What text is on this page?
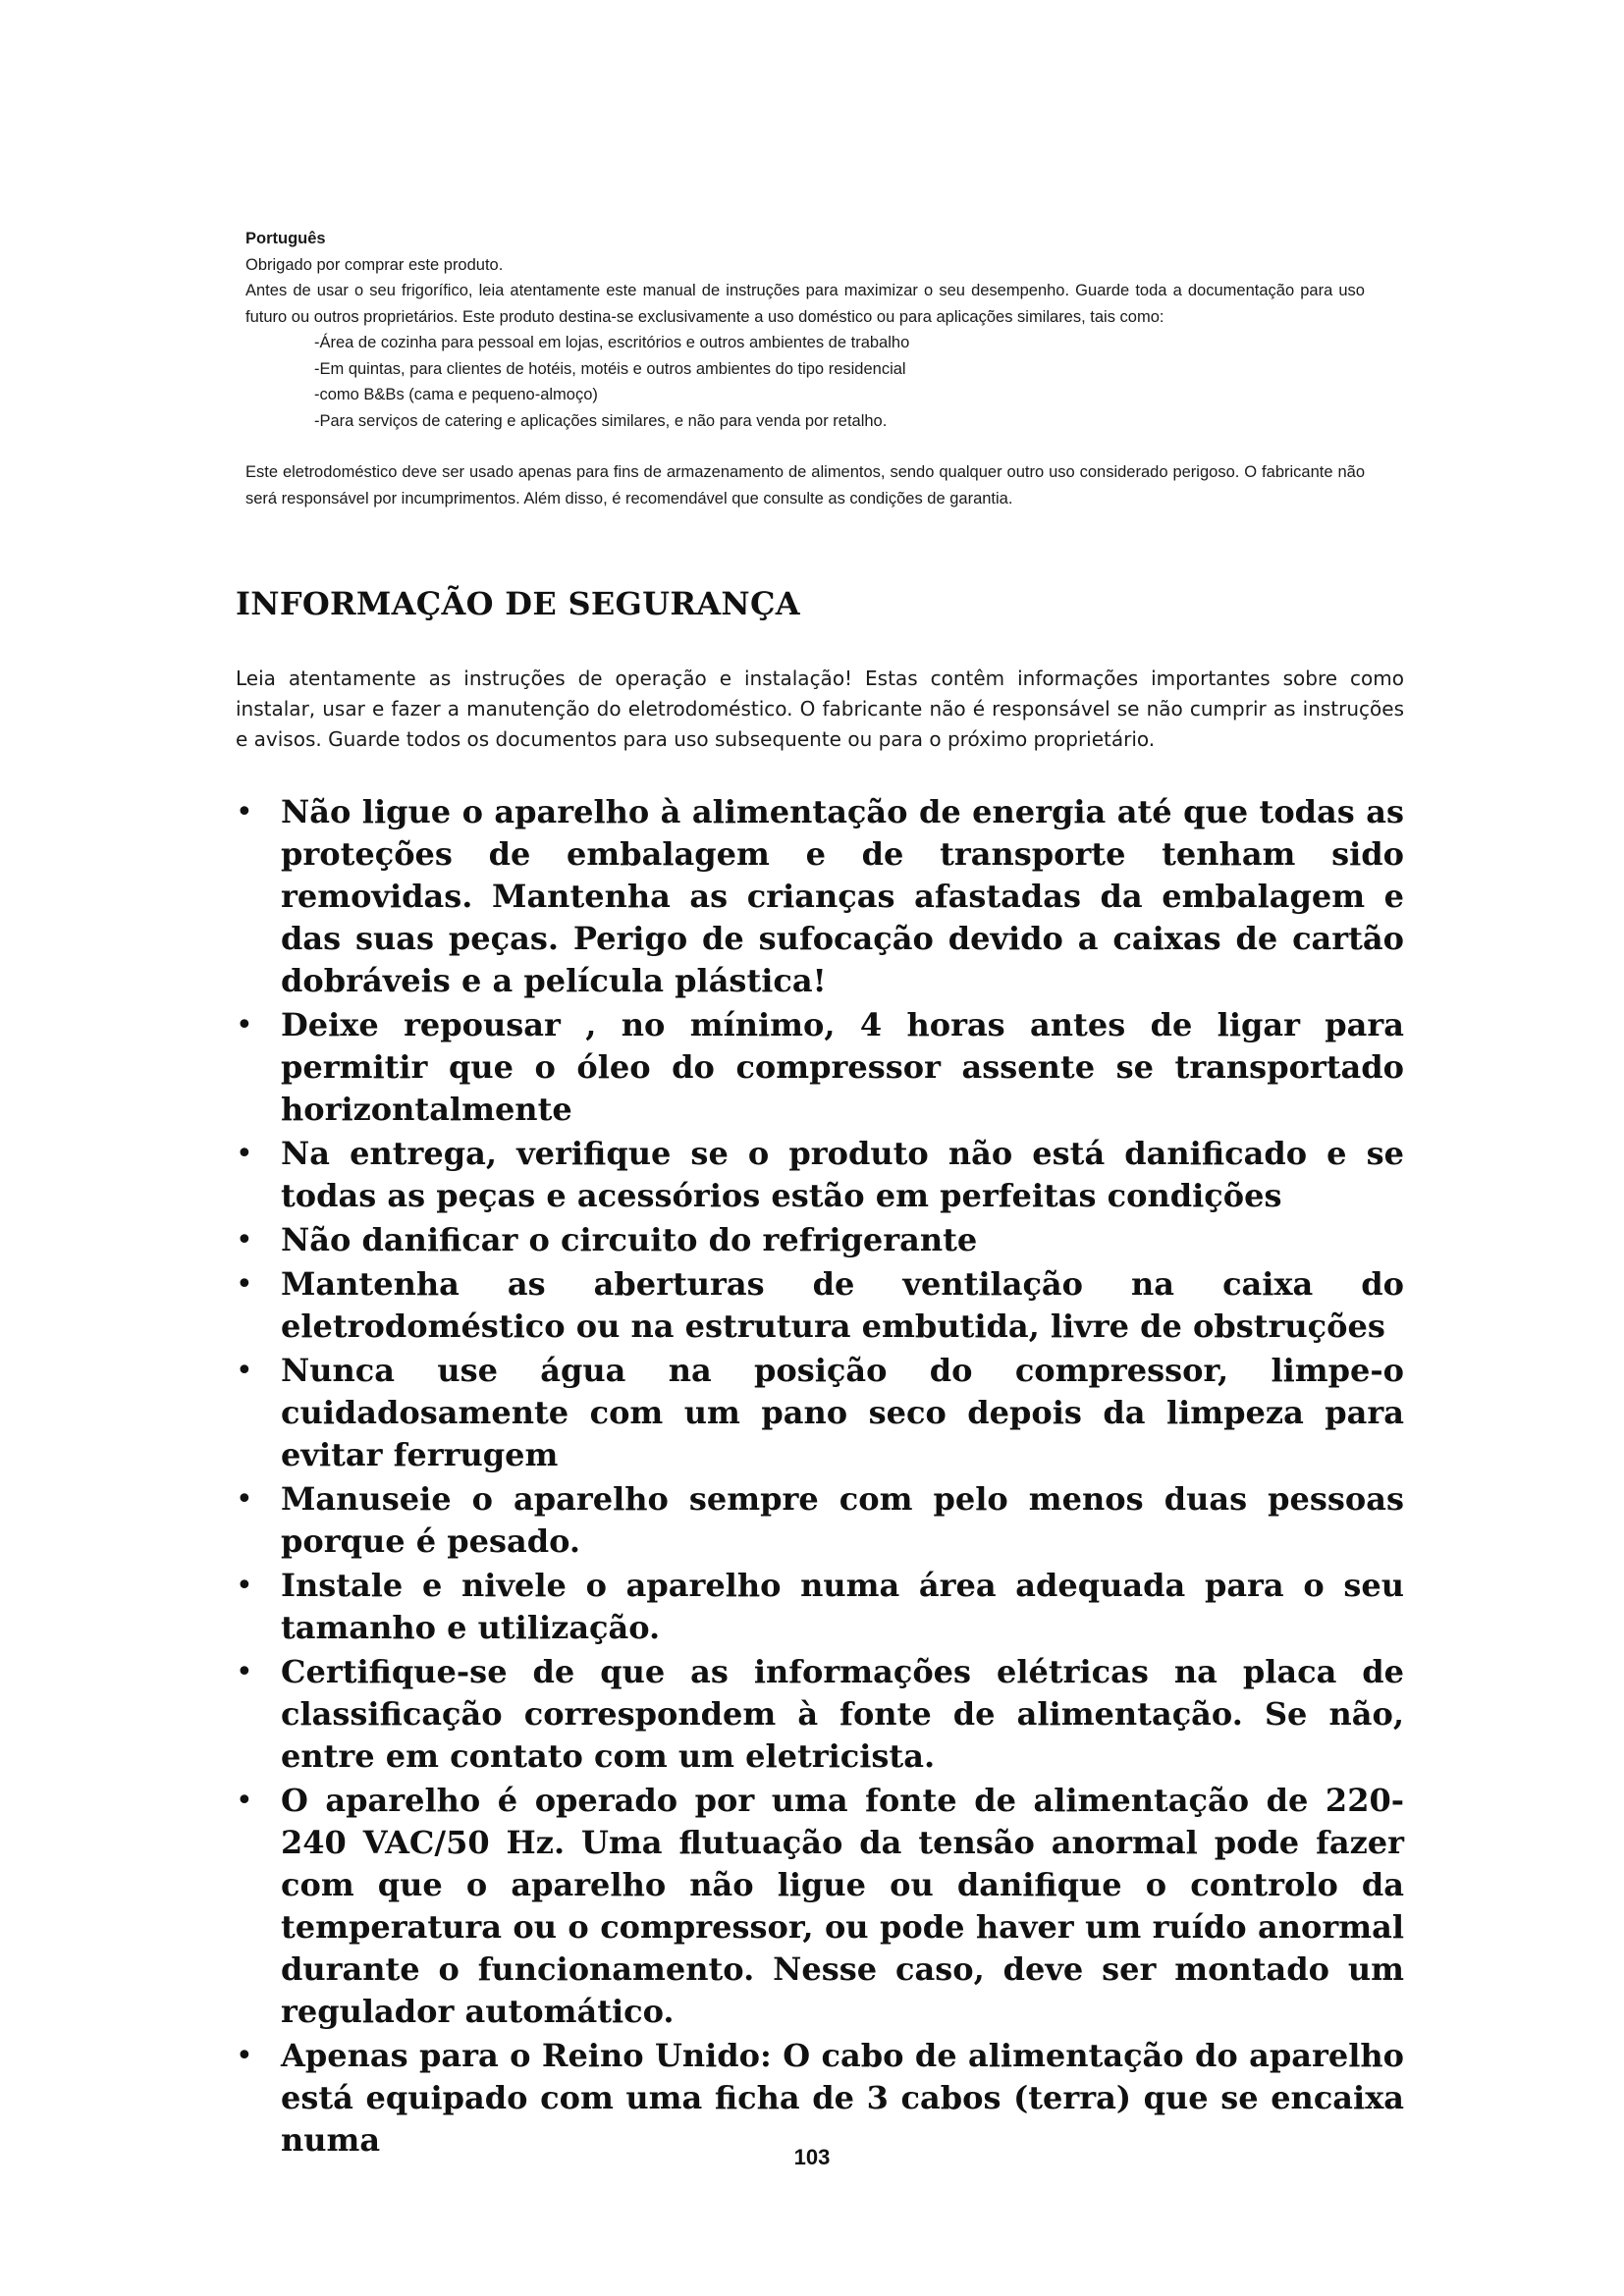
Português

Obrigado por comprar este produto.

Antes de usar o seu frigorífico, leia atentamente este manual de instruções para maximizar o seu desempenho. Guarde toda a documentação para uso futuro ou outros proprietários. Este produto destina-se exclusivamente a uso doméstico ou para aplicações similares, tais como:

-Área de cozinha para pessoal em lojas, escritórios e outros ambientes de trabalho
-Em quintas, para clientes de hotéis, motéis e outros ambientes do tipo residencial
-como B&Bs (cama e pequeno-almoço)
-Para serviços de catering e aplicações similares, e não para venda por retalho.

Este eletrodoméstico deve ser usado apenas para fins de armazenamento de alimentos, sendo qualquer outro uso considerado perigoso. O fabricante não será responsável por incumprimentos. Além disso, é recomendável que consulte as condições de garantia.

INFORMAÇÃO DE SEGURANÇA

Leia atentamente as instruções de operação e instalação! Estas contêm informações importantes sobre como instalar, usar e fazer a manutenção do eletrodoméstico. O fabricante não é responsável se não cumprir as instruções e avisos. Guarde todos os documentos para uso subsequente ou para o próximo proprietário.

• Não ligue o aparelho à alimentação de energia até que todas as proteções de embalagem e de transporte tenham sido removidas. Mantenha as crianças afastadas da embalagem e das suas peças. Perigo de sufocação devido a caixas de cartão dobráveis e a película plástica!
• Deixe repousar , no mínimo, 4 horas antes de ligar para permitir que o óleo do compressor assente se transportado horizontalmente
• Na entrega, verifique se o produto não está danificado e se todas as peças e acessórios estão em perfeitas condições
• Não danificar o circuito do refrigerante
• Mantenha as aberturas de ventilação na caixa do eletrodoméstico ou na estrutura embutida, livre de obstruções
• Nunca use água na posição do compressor, limpe-o cuidadosamente com um pano seco depois da limpeza para evitar ferrugem
• Manuseie o aparelho sempre com pelo menos duas pessoas porque é pesado.
• Instale e nivele o aparelho numa área adequada para o seu tamanho e utilização.
• Certifique-se de que as informações elétricas na placa de classificação correspondem à fonte de alimentação. Se não, entre em contato com um eletricista.
• O aparelho é operado por uma fonte de alimentação de 220-240 VAC/50 Hz. Uma flutuação da tensão anormal pode fazer com que o aparelho não ligue ou danifique o controlo da temperatura ou o compressor, ou pode haver um ruído anormal durante o funcionamento. Nesse caso, deve ser montado um regulador automático.
• Apenas para o Reino Unido: O cabo de alimentação do aparelho está equipado com uma ficha de 3 cabos (terra) que se encaixa numa	103
